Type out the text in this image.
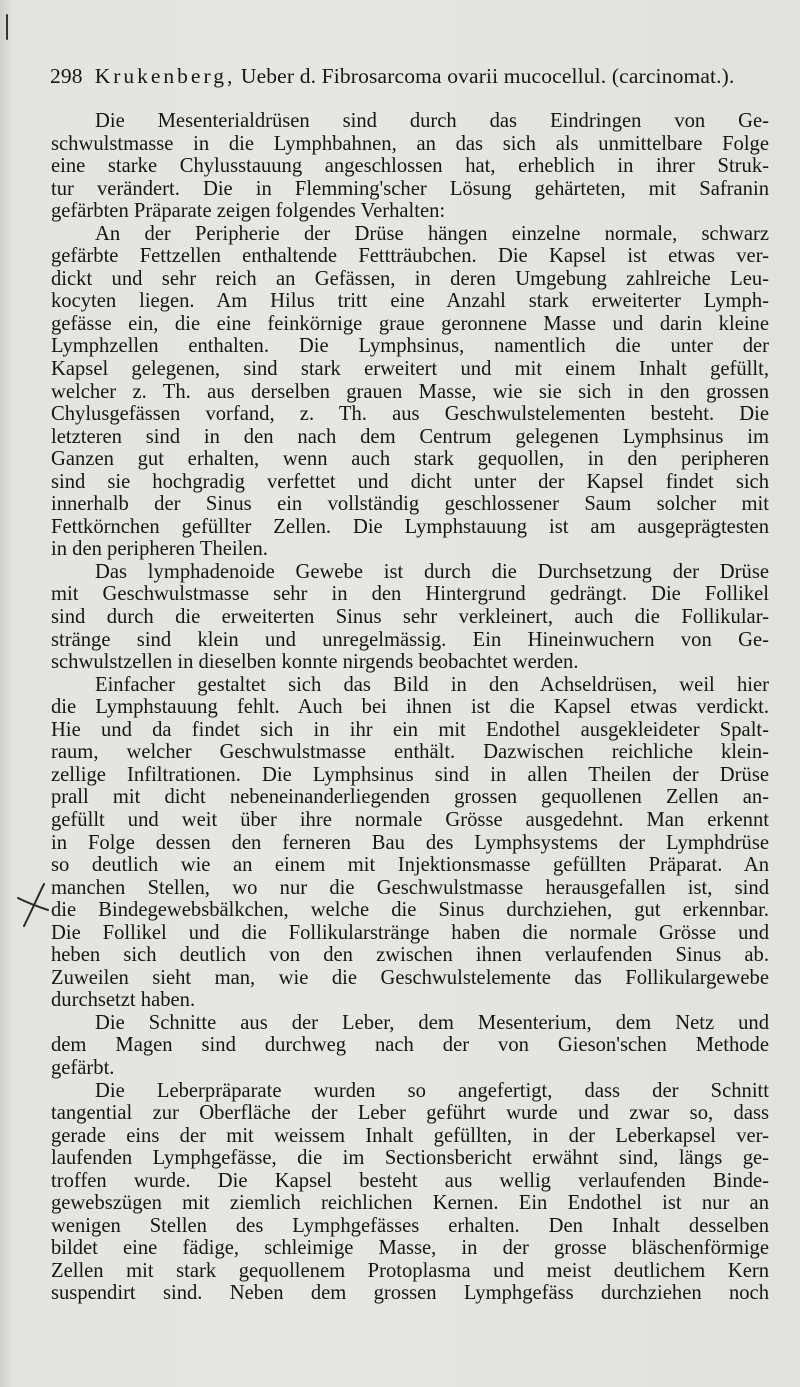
298 Krukenberg, Ueber d. Fibrosarcoma ovarii mucocellul. (carcinomat.).
Die Mesenterialdrüsen sind durch das Eindringen von Ge-
schwulstmasse in die Lymphbahnen, an das sich als unmittelbare Folge
eine starke Chylusstauung angeschlossen hat, erheblich in ihrer Struk-
tur verändert. Die in Flemming'scher Lösung gehärteten, mit Safranin
gefärbten Präparate zeigen folgendes Verhalten:
An der Peripherie der Drüse hängen einzelne normale, schwarz
gefärbte Fettzellen enthaltende Fettträubchen. Die Kapsel ist etwas ver-
dickt und sehr reich an Gefässen, in deren Umgebung zahlreiche Leu-
kocyten liegen. Am Hilus tritt eine Anzahl stark erweiterter Lymph-
gefässe ein, die eine feinkörnige graue geronnene Masse und darin kleine
Lymphzellen enthalten. Die Lymphsinus, namentlich die unter der
Kapsel gelegenen, sind stark erweitert und mit einem Inhalt gefüllt,
welcher z. Th. aus derselben grauen Masse, wie sie sich in den grossen
Chylusgefässen vorfand, z. Th. aus Geschwulstelementen besteht. Die
letzteren sind in den nach dem Centrum gelegenen Lymphsinus im
Ganzen gut erhalten, wenn auch stark gequollen, in den peripheren
sind sie hochgradig verfettet und dicht unter der Kapsel findet sich
innerhalb der Sinus ein vollständig geschlossener Saum solcher mit
Fettkörnchen gefüllter Zellen. Die Lymphstauung ist am ausgeprägtesten
in den peripheren Theilen.
Das lymphadenoide Gewebe ist durch die Durchsetzung der Drüse
mit Geschwulstmasse sehr in den Hintergrund gedrängt. Die Follikel
sind durch die erweiterten Sinus sehr verkleinert, auch die Follikular-
stränge sind klein und unregelmässig. Ein Hineinwuchern von Ge-
schwulstzellen in dieselben konnte nirgends beobachtet werden.
Einfacher gestaltet sich das Bild in den Achseldrüsen, weil hier
die Lymphstauung fehlt. Auch bei ihnen ist die Kapsel etwas verdickt.
Hie und da findet sich in ihr ein mit Endothel ausgekleideter Spalt-
raum, welcher Geschwulstmasse enthält. Dazwischen reichliche klein-
zellige Infiltrationen. Die Lymphsinus sind in allen Theilen der Drüse
prall mit dicht nebeneinanderliegenden grossen gequollenen Zellen an-
gefüllt und weit über ihre normale Grösse ausgedehnt. Man erkennt
in Folge dessen den ferneren Bau des Lymphsystems der Lymphdrüse
so deutlich wie an einem mit Injektionsmasse gefüllten Präparat. An
manchen Stellen, wo nur die Geschwulstmasse herausgefallen ist, sind
die Bindegewebsbälkchen, welche die Sinus durchziehen, gut erkennbar.
Die Follikel und die Follikularstränge haben die normale Grösse und
heben sich deutlich von den zwischen ihnen verlaufenden Sinus ab.
Zuweilen sieht man, wie die Geschwulstelemente das Follikulargewebe
durchsetzt haben.
Die Schnitte aus der Leber, dem Mesenterium, dem Netz und
dem Magen sind durchweg nach der von Gieson'schen Methode
gefärbt.
Die Leberpräparate wurden so angefertigt, dass der Schnitt
tangential zur Oberfläche der Leber geführt wurde und zwar so, dass
gerade eins der mit weissem Inhalt gefüllten, in der Leberkapsel ver-
laufenden Lymphgefässe, die im Sectionsbericht erwähnt sind, längs ge-
troffen wurde. Die Kapsel besteht aus wellig verlaufenden Binde-
gewebszügen mit ziemlich reichlichen Kernen. Ein Endothel ist nur an
wenigen Stellen des Lymphgefässes erhalten. Den Inhalt desselben
bildet eine fädige, schleimige Masse, in der grosse bläschenförmige
Zellen mit stark gequollenem Protoplasma und meist deutlichem Kern
suspendirt sind. Neben dem grossen Lymphgefäss durchziehen noch
